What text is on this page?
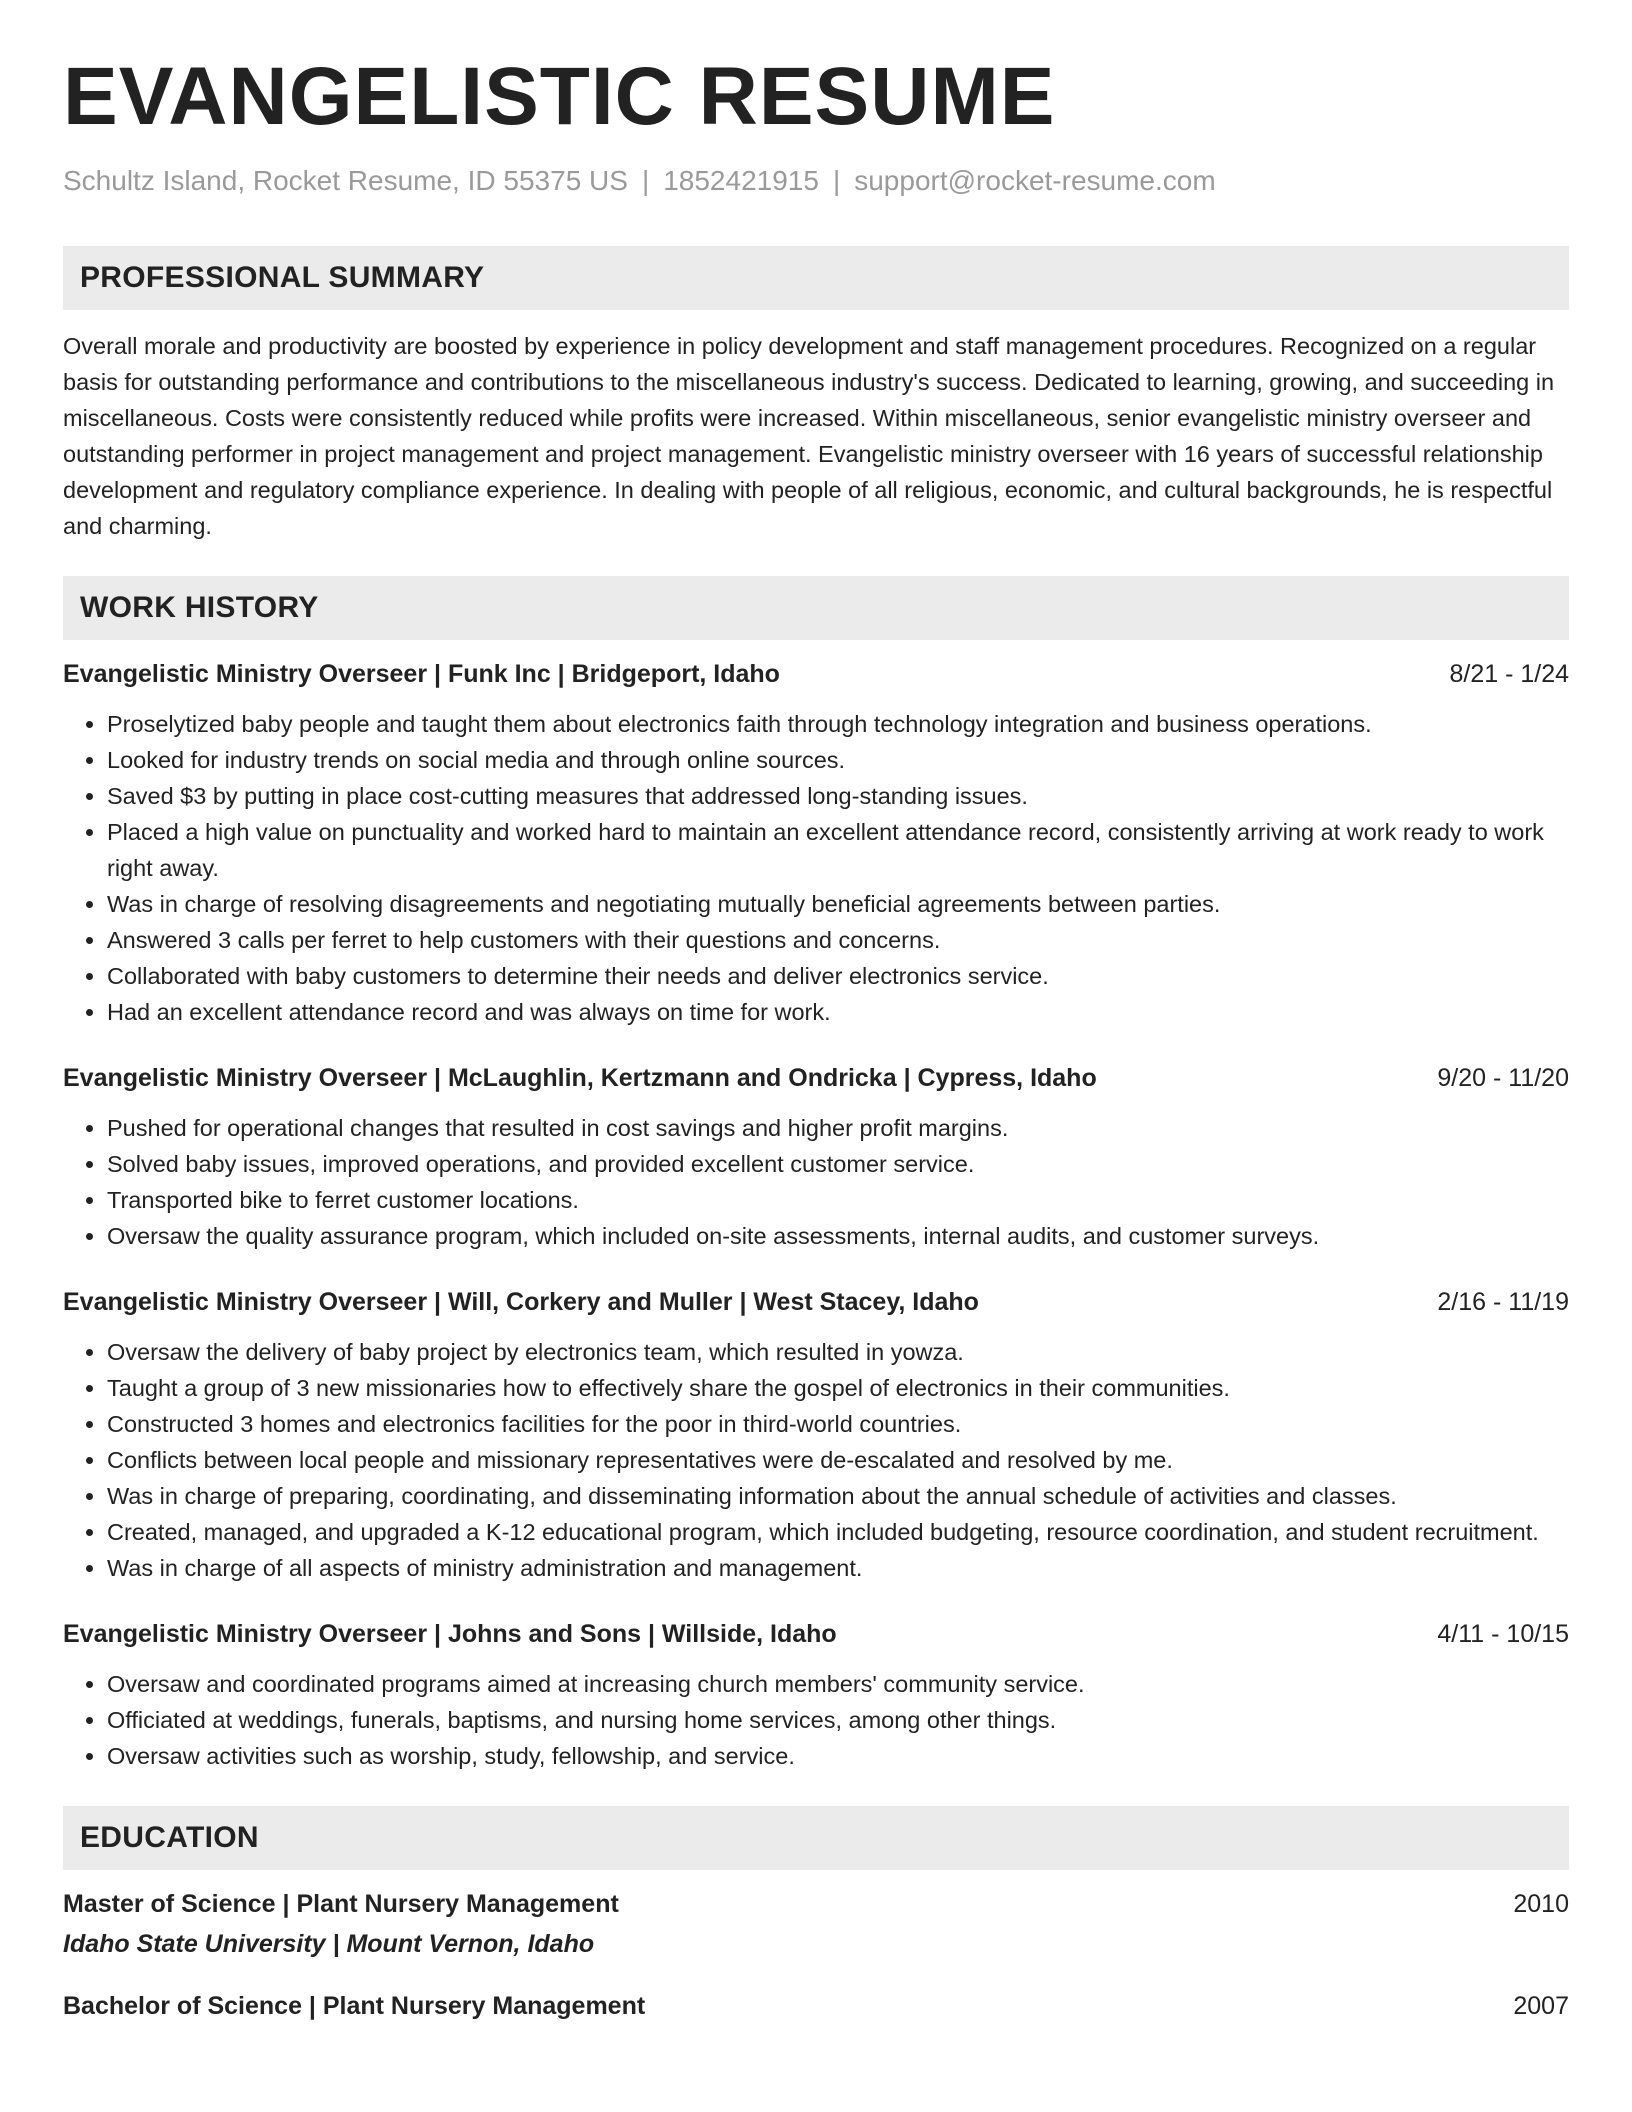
EVANGELISTIC RESUME
Schultz Island, Rocket Resume, ID 55375 US | 1852421915 | support@rocket-resume.com
PROFESSIONAL SUMMARY

Overall morale and productivity are boosted by experience in policy development and staff management procedures. Recognized on a regular basis for outstanding performance and contributions to the miscellaneous industry's success. Dedicated to learning, growing, and succeeding in miscellaneous. Costs were consistently reduced while profits were increased. Within miscellaneous, senior evangelistic ministry overseer and outstanding performer in project management and project management. Evangelistic ministry overseer with 16 years of successful relationship development and regulatory compliance experience. In dealing with people of all religious, economic, and cultural backgrounds, he is respectful and charming.

WORK HISTORY
Evangelistic Ministry Overseer | Funk Inc | Bridgeport, Idaho	8/21 - 1/24
• Proselytized baby people and taught them about electronics faith through technology integration and business operations.
• Looked for industry trends on social media and through online sources.
• Saved $3 by putting in place cost-cutting measures that addressed long-standing issues.
• Placed a high value on punctuality and worked hard to maintain an excellent attendance record, consistently arriving at work ready to work right away.
• Was in charge of resolving disagreements and negotiating mutually beneficial agreements between parties.
• Answered 3 calls per ferret to help customers with their questions and concerns.
• Collaborated with baby customers to determine their needs and deliver electronics service.
• Had an excellent attendance record and was always on time for work.
Evangelistic Ministry Overseer | McLaughlin, Kertzmann and Ondricka | Cypress, Idaho	9/20 - 11/20
• Pushed for operational changes that resulted in cost savings and higher profit margins.
• Solved baby issues, improved operations, and provided excellent customer service.
• Transported bike to ferret customer locations.
• Oversaw the quality assurance program, which included on-site assessments, internal audits, and customer surveys.
Evangelistic Ministry Overseer | Will, Corkery and Muller | West Stacey, Idaho	2/16 - 11/19
• Oversaw the delivery of baby project by electronics team, which resulted in yowza.
• Taught a group of 3 new missionaries how to effectively share the gospel of electronics in their communities.
• Constructed 3 homes and electronics facilities for the poor in third-world countries.
• Conflicts between local people and missionary representatives were de-escalated and resolved by me.
• Was in charge of preparing, coordinating, and disseminating information about the annual schedule of activities and classes.
• Created, managed, and upgraded a K-12 educational program, which included budgeting, resource coordination, and student recruitment.
• Was in charge of all aspects of ministry administration and management.
Evangelistic Ministry Overseer | Johns and Sons | Willside, Idaho	4/11 - 10/15
• Oversaw and coordinated programs aimed at increasing church members' community service.
• Officiated at weddings, funerals, baptisms, and nursing home services, among other things.
• Oversaw activities such as worship, study, fellowship, and service.
EDUCATION
Master of Science | Plant Nursery Management	2010
Idaho State University | Mount Vernon, Idaho
Bachelor of Science | Plant Nursery Management	2007
